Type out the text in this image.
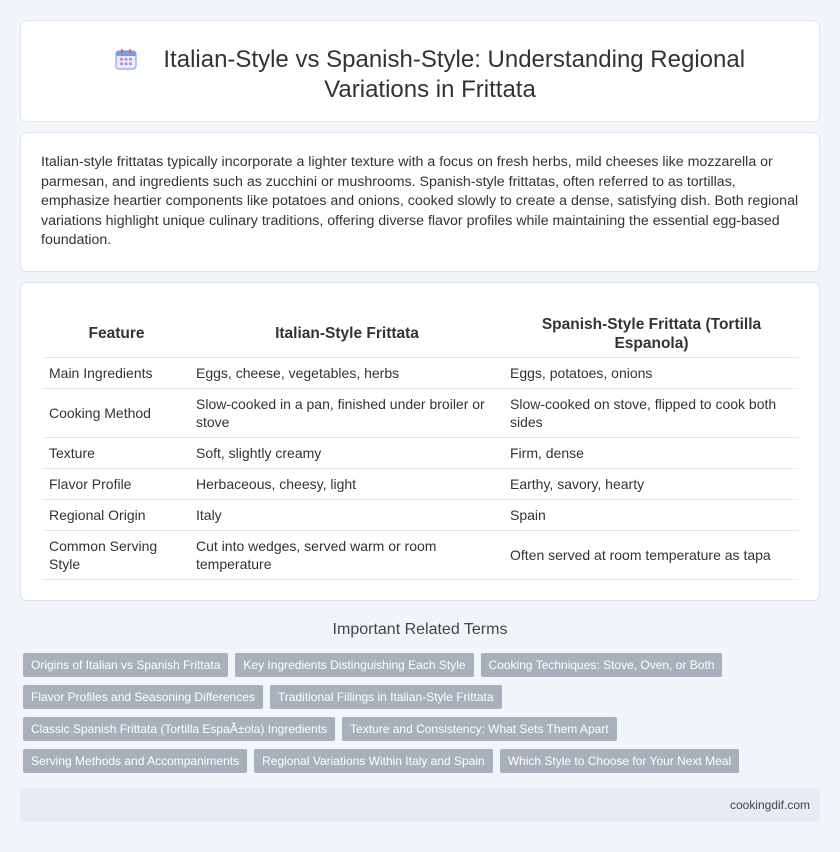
Italian-Style vs Spanish-Style: Understanding Regional Variations in Frittata

Italian-style frittatas typically incorporate a lighter texture with a focus on fresh herbs, mild cheeses like mozzarella or parmesan, and ingredients such as zucchini or mushrooms. Spanish-style frittatas, often referred to as tortillas, emphasize heartier components like potatoes and onions, cooked slowly to create a dense, satisfying dish. Both regional variations highlight unique culinary traditions, offering diverse flavor profiles while maintaining the essential egg-based foundation.

Feature	Italian-Style Frittata	Spanish-Style Frittata (Tortilla Espanola)
Main Ingredients	Eggs, cheese, vegetables, herbs	Eggs, potatoes, onions
Cooking Method	Slow-cooked in a pan, finished under broiler or stove	Slow-cooked on stove, flipped to cook both sides
Texture	Soft, slightly creamy	Firm, dense
Flavor Profile	Herbaceous, cheesy, light	Earthy, savory, hearty
Regional Origin	Italy	Spain
Common Serving Style	Cut into wedges, served warm or room temperature	Often served at room temperature as tapa
Important Related Terms
Origins of Italian vs Spanish Frittata	Key Ingredients Distinguishing Each Style	Cooking Techniques: Stove, Oven, or Both
Flavor Profiles and Seasoning Differences	Traditional Fillings in Italian-Style Frittata
Classic Spanish Frittata (Tortilla EspaÃ±ola) Ingredients	Texture and Consistency: What Sets Them Apart
Serving Methods and Accompaniments	Regional Variations Within Italy and Spain	Which Style to Choose for Your Next Meal
cookingdif.com
